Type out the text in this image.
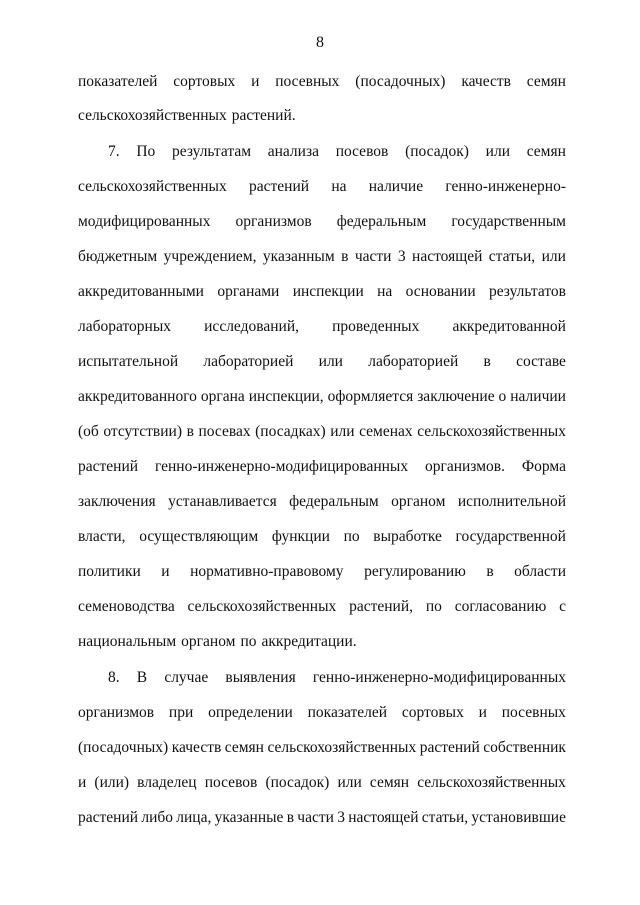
8
показателей сортовых и посевных (посадочных) качеств семян
сельскохозяйственных растений.
7. По результатам анализа посевов (посадок) или семян
сельскохозяйственных растений на наличие генно-инженерно-
модифицированных организмов федеральным государственным
бюджетным учреждением, указанным в части 3 настоящей статьи, или
аккредитованными органами инспекции на основании результатов
лабораторных исследований, проведенных аккредитованной
испытательной лабораторией или лабораторией в составе
аккредитованного органа инспекции, оформляется заключение о наличии
(об отсутствии) в посевах (посадках) или семенах сельскохозяйственных
растений генно-инженерно-модифицированных организмов. Форма
заключения устанавливается федеральным органом исполнительной
власти, осуществляющим функции по выработке государственной
политики и нормативно-правовому регулированию в области
семеноводства сельскохозяйственных растений, по согласованию с
национальным органом по аккредитации.
8. В случае выявления генно-инженерно-модифицированных
организмов при определении показателей сортовых и посевных
(посадочных) качеств семян сельскохозяйственных растений собственник
и (или) владелец посевов (посадок) или семян сельскохозяйственных
растений либо лица, указанные в части 3 настоящей статьи, установившие
